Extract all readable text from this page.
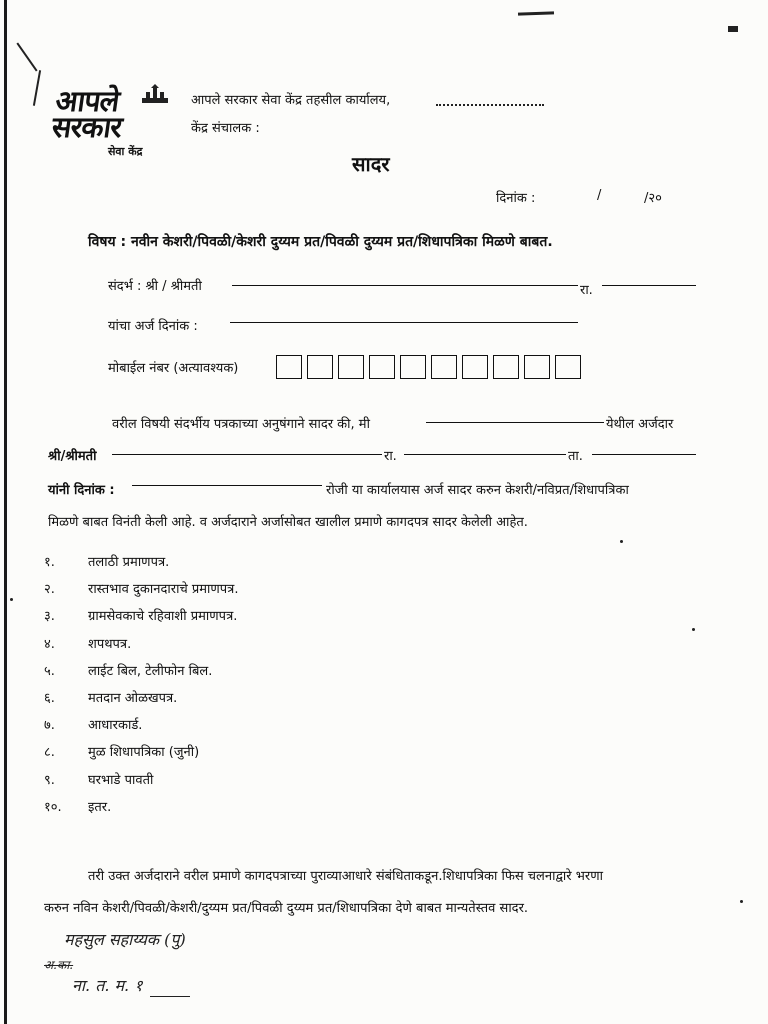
आपले
सरकार
सेवा केंद्र
आपले सरकार सेवा केंद्र तहसील कार्यालय,
केंद्र संचालक :
सादर
दिनांक :	/	/२०
विषय : नवीन केशरी/पिवळी/केशरी दुय्यम प्रत/पिवळी दुय्यम प्रत/शिधापत्रिका मिळणे बाबत.
संदर्भ : श्री / श्रीमती	रा.
यांचा अर्ज दिनांक :
मोबाईल नंबर (अत्यावश्यक)
वरील विषयी संदर्भीय पत्रकाच्या अनुषंगाने सादर की, मी	येथील अर्जदार
श्री/श्रीमती	रा.	ता.
यांनी दिनांक :	रोजी या कार्यालयास अर्ज सादर करुन केशरी/नविप्रत/शिधापत्रिका
मिळणे बाबत विनंती केली आहे. व अर्जदाराने अर्जासोबत खालील प्रमाणे कागदपत्र सादर केलेली आहेत.
१.	तलाठी प्रमाणपत्र.
२.	रास्तभाव दुकानदाराचे प्रमाणपत्र.
३.	ग्रामसेवकाचे रहिवाशी प्रमाणपत्र.
४.	शपथपत्र.
५.	लाईट बिल, टेलीफोन बिल.
६.	मतदान ओळखपत्र.
७.	आधारकार्ड.
८.	मुळ शिधापत्रिका (जुनी)
९.	घरभाडे पावती
१०.	इतर.
तरी उक्त अर्जदाराने वरील प्रमाणे कागदपत्राच्या पुराव्याआधारे संबंधिताकडून.शिधापत्रिका फिस चलनाद्वारे भरणा
करुन नविन केशरी/पिवळी/केशरी/दुय्यम प्रत/पिवळी दुय्यम प्रत/शिधापत्रिका देणे बाबत मान्यतेस्तव सादर.
महसुल सहाय्यक (पु)
अ.का.
ना. त. म. १
